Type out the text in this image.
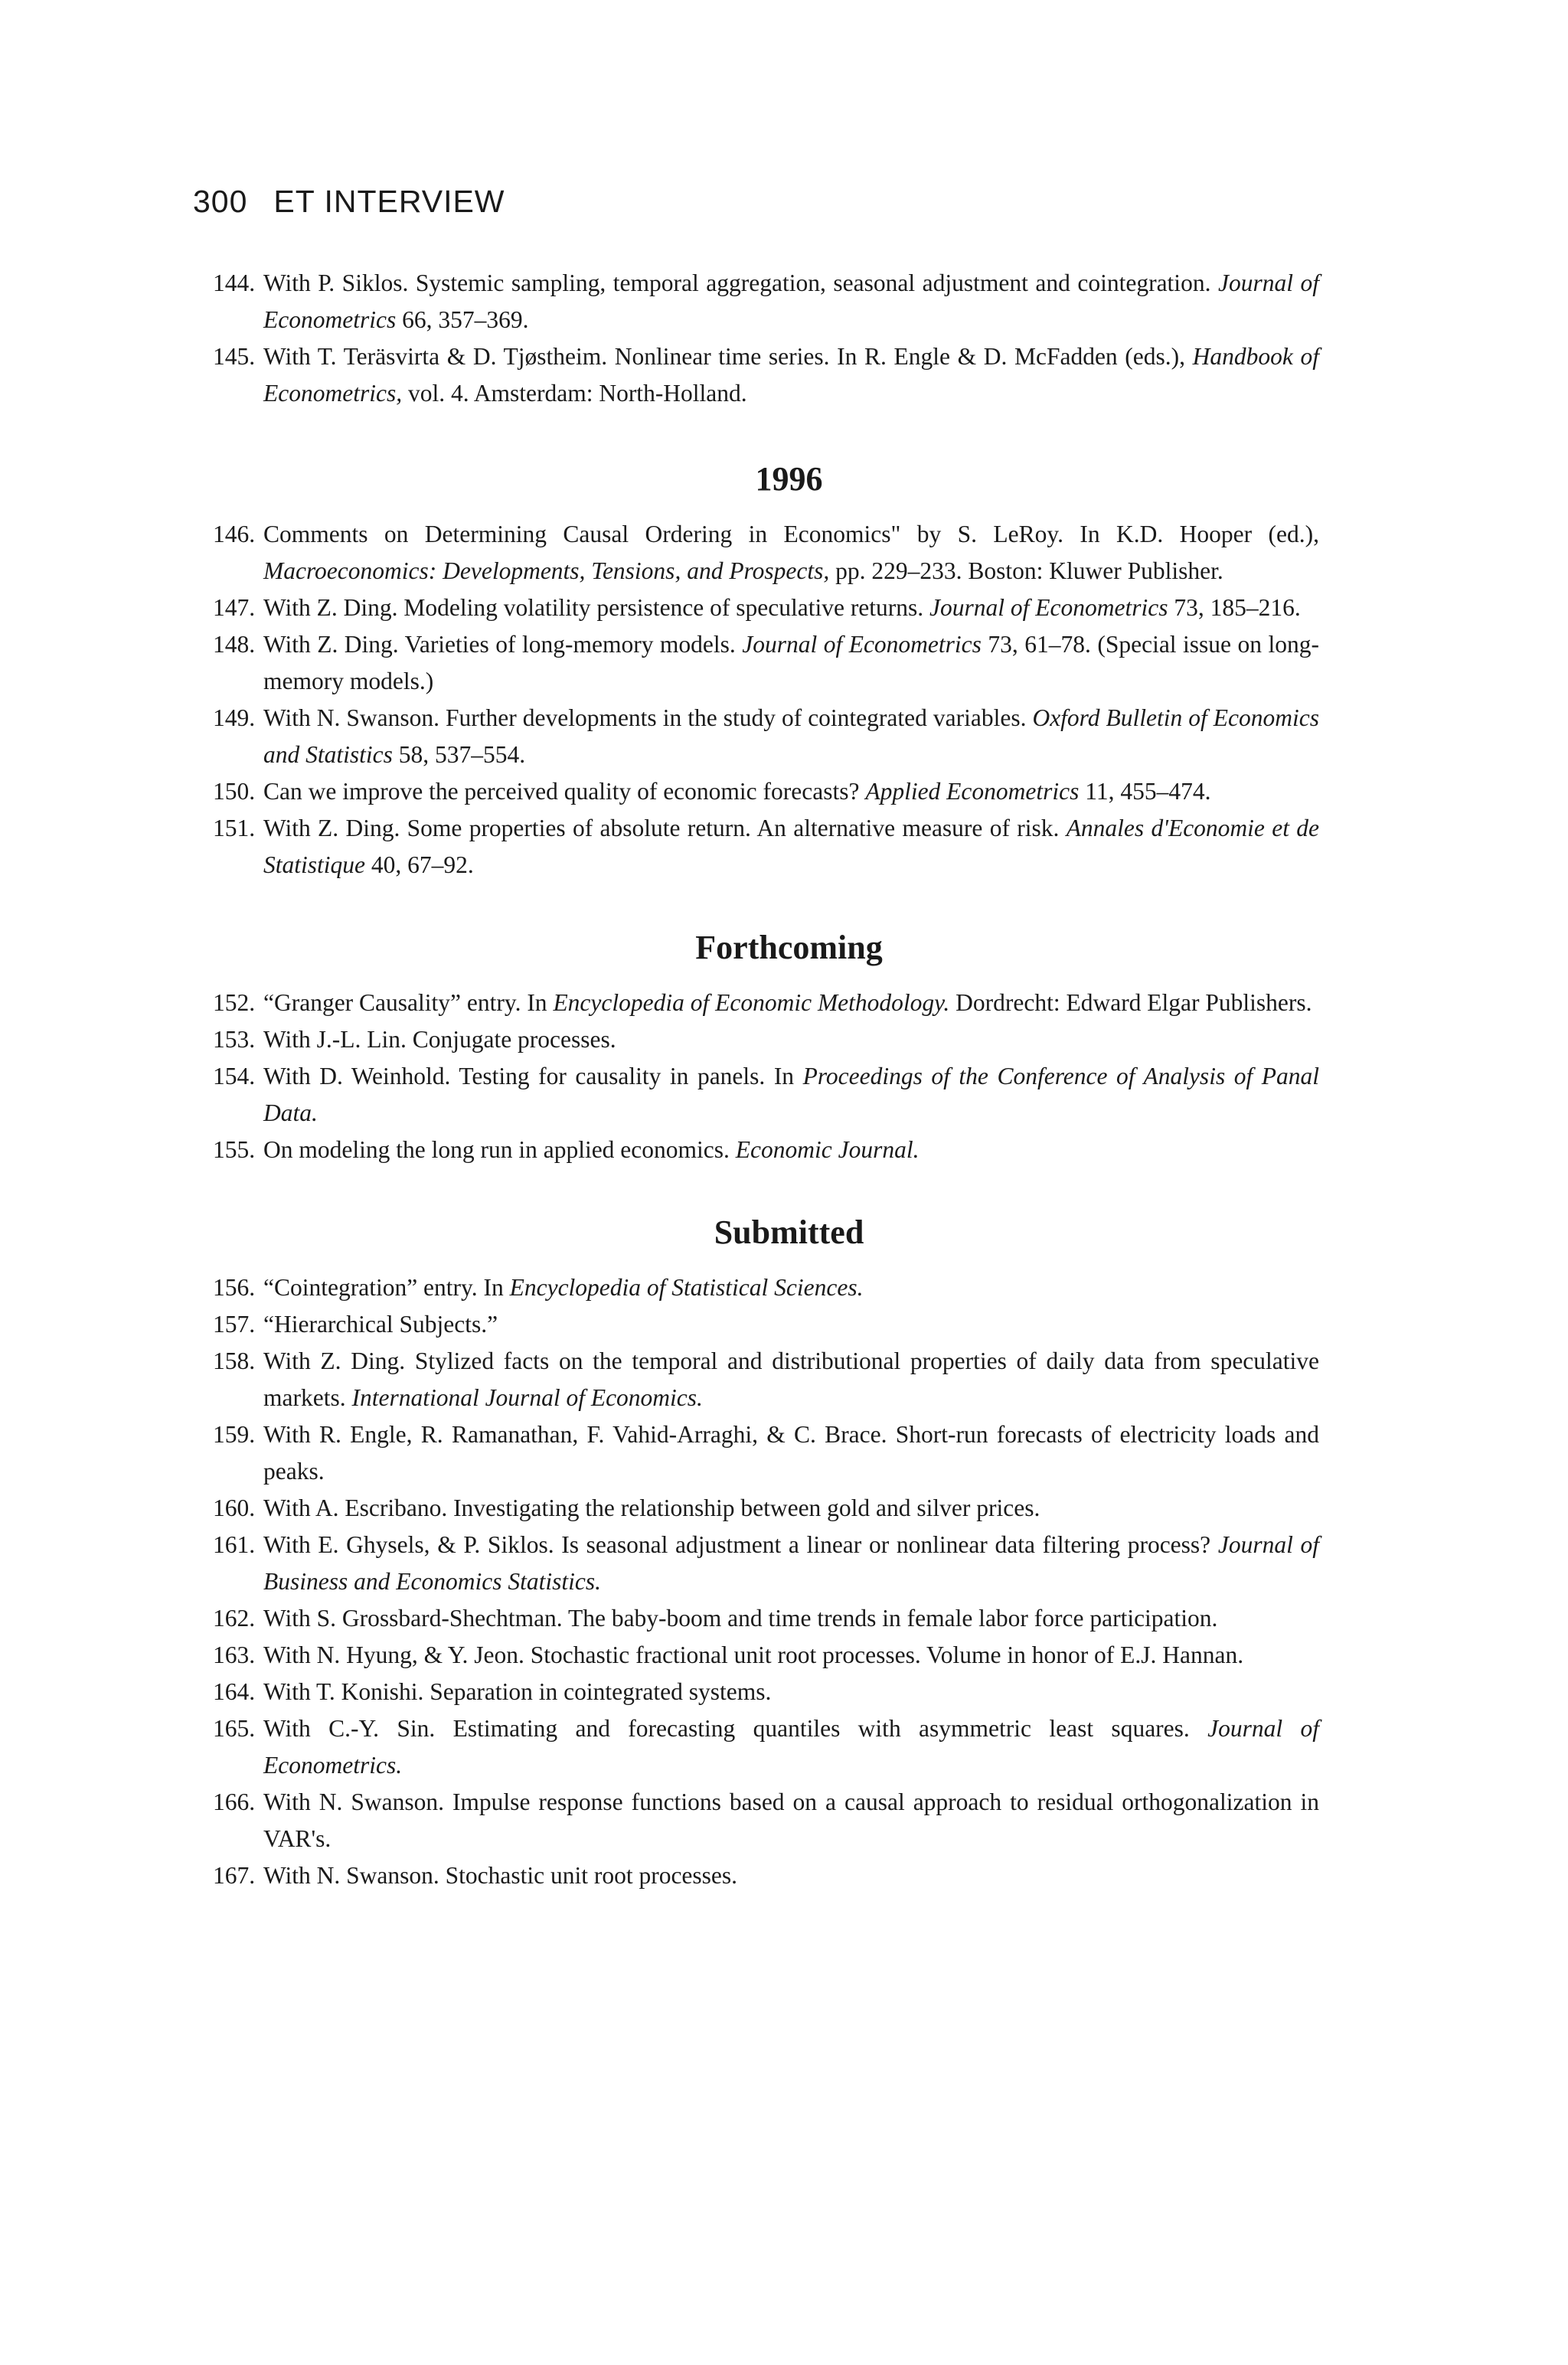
300 ET INTERVIEW
144. With P. Siklos. Systemic sampling, temporal aggregation, seasonal adjustment and cointegration. Journal of Econometrics 66, 357–369.
145. With T. Teräsvirta & D. Tjøstheim. Nonlinear time series. In R. Engle & D. McFadden (eds.), Handbook of Econometrics, vol. 4. Amsterdam: North-Holland.
1996
146. Comments on Determining Causal Ordering in Economics" by S. LeRoy. In K.D. Hooper (ed.), Macroeconomics: Developments, Tensions, and Prospects, pp. 229–233. Boston: Kluwer Publisher.
147. With Z. Ding. Modeling volatility persistence of speculative returns. Journal of Econometrics 73, 185–216.
148. With Z. Ding. Varieties of long-memory models. Journal of Econometrics 73, 61–78. (Special issue on long-memory models.)
149. With N. Swanson. Further developments in the study of cointegrated variables. Oxford Bulletin of Economics and Statistics 58, 537–554.
150. Can we improve the perceived quality of economic forecasts? Applied Econometrics 11, 455–474.
151. With Z. Ding. Some properties of absolute return. An alternative measure of risk. Annales d'Economie et de Statistique 40, 67–92.
Forthcoming
152. “Granger Causality” entry. In Encyclopedia of Economic Methodology. Dordrecht: Edward Elgar Publishers.
153. With J.-L. Lin. Conjugate processes.
154. With D. Weinhold. Testing for causality in panels. In Proceedings of the Conference of Analysis of Panal Data.
155. On modeling the long run in applied economics. Economic Journal.
Submitted
156. “Cointegration” entry. In Encyclopedia of Statistical Sciences.
157. “Hierarchical Subjects.”
158. With Z. Ding. Stylized facts on the temporal and distributional properties of daily data from speculative markets. International Journal of Economics.
159. With R. Engle, R. Ramanathan, F. Vahid-Arraghi, & C. Brace. Short-run forecasts of electricity loads and peaks.
160. With A. Escribano. Investigating the relationship between gold and silver prices.
161. With E. Ghysels, & P. Siklos. Is seasonal adjustment a linear or nonlinear data filtering process? Journal of Business and Economics Statistics.
162. With S. Grossbard-Shechtman. The baby-boom and time trends in female labor force participation.
163. With N. Hyung, & Y. Jeon. Stochastic fractional unit root processes. Volume in honor of E.J. Hannan.
164. With T. Konishi. Separation in cointegrated systems.
165. With C.-Y. Sin. Estimating and forecasting quantiles with asymmetric least squares. Journal of Econometrics.
166. With N. Swanson. Impulse response functions based on a causal approach to residual orthogonalization in VAR's.
167. With N. Swanson. Stochastic unit root processes.
